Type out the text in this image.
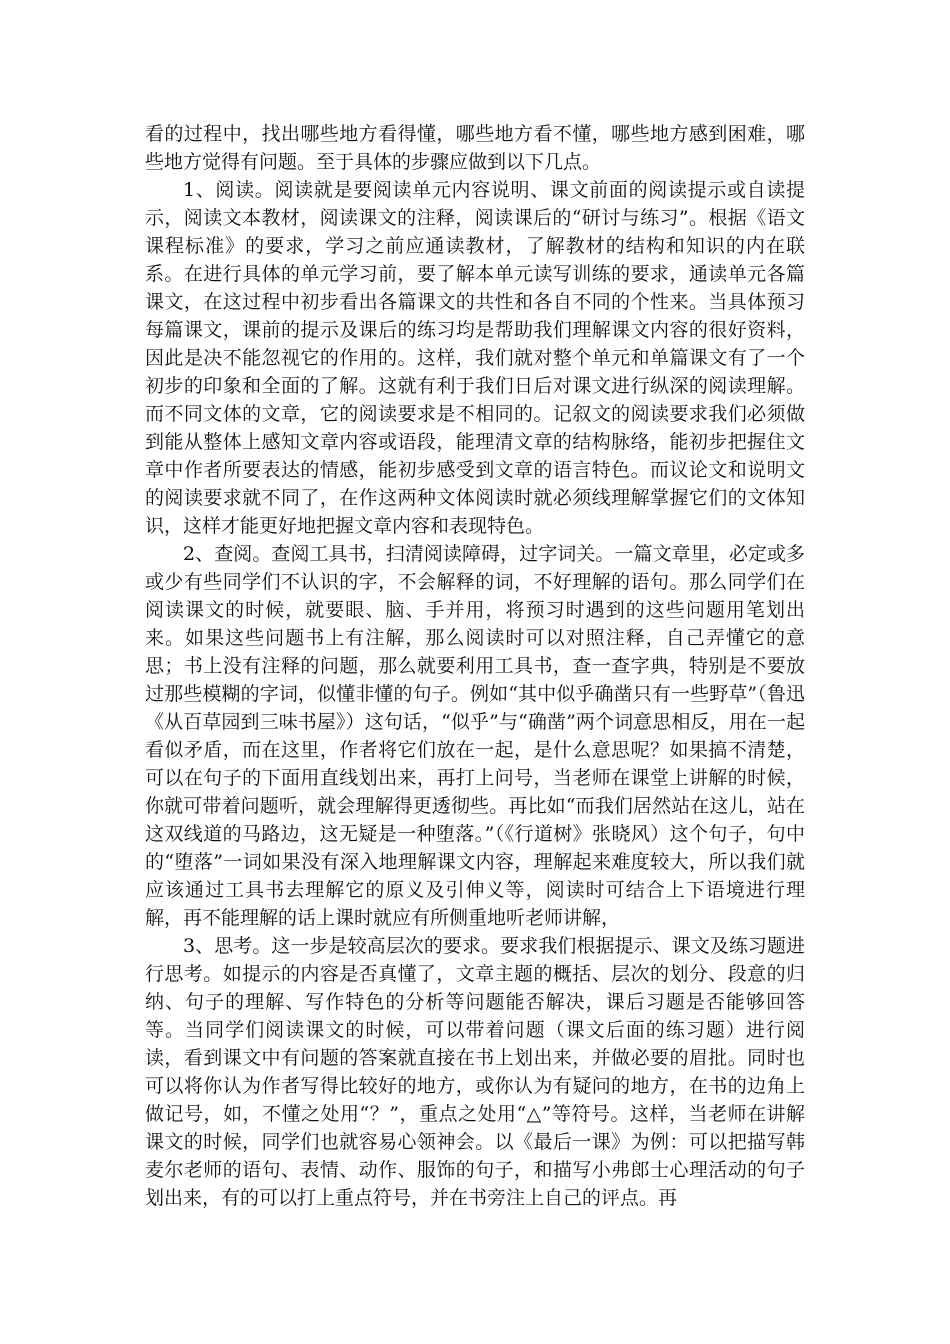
看的过程中，找出哪些地方看得懂，哪些地方看不懂，哪些地方感到困难，哪些地方觉得有问题。至于具体的步骤应做到以下几点。

1、阅读。阅读就是要阅读单元内容说明、课文前面的阅读提示或自读提示，阅读文本教材，阅读课文的注释，阅读课后的“研讨与练习”。根据《语文课程标准》的要求，学习之前应通读教材，了解教材的结构和知识的内在联系。在进行具体的单元学习前，要了解本单元读写训练的要求，通读单元各篇课文，在这过程中初步看出各篇课文的共性和各自不同的个性来。当具体预习每篇课文，课前的提示及课后的练习均是帮助我们理解课文内容的很好资料，因此是决不能忽视它的作用的。这样，我们就对整个单元和单篇课文有了一个初步的印象和全面的了解。这就有利于我们日后对课文进行纵深的阅读理解。而不同文体的文章，它的阅读要求是不相同的。记叙文的阅读要求我们必须做到能从整体上感知文章内容或语段，能理清文章的结构脉络，能初步把握住文章中作者所要表达的情感，能初步感受到文章的语言特色。而议论文和说明文的阅读要求就不同了，在作这两种文体阅读时就必须线理解掌握它们的文体知识，这样才能更好地把握文章内容和表现特色。

2、查阅。查阅工具书，扫清阅读障碍，过字词关。一篇文章里，必定或多或少有些同学们不认识的字，不会解释的词，不好理解的语句。那么同学们在阅读课文的时候，就要眼、脑、手并用，将预习时遇到的这些问题用笔划出来。如果这些问题书上有注解，那么阅读时可以对照注释，自己弄懂它的意思；书上没有注释的问题，那么就要利用工具书，查一查字典，特别是不要放过那些模糊的字词，似懂非懂的句子。例如“其中似乎确凿只有一些野草”（鲁迅《从百草园到三味书屋》）这句话，“似乎”与“确凿”两个词意思相反，用在一起看似矛盾，而在这里，作者将它们放在一起，是什么意思呢？如果搞不清楚，可以在句子的下面用直线划出来，再打上问号，当老师在课堂上讲解的时候，你就可带着问题听，就会理解得更透彻些。再比如“而我们居然站在这儿，站在这双线道的马路边，这无疑是一种堕落。”（《行道树》张晓风）这个句子，句中的“堕落”一词如果没有深入地理解课文内容，理解起来难度较大，所以我们就应该通过工具书去理解它的原义及引伸义等，阅读时可结合上下语境进行理解，再不能理解的话上课时就应有所侧重地听老师讲解，

3、思考。这一步是较高层次的要求。要求我们根据提示、课文及练习题进行思考。如提示的内容是否真懂了，文章主题的概括、层次的划分、段意的归纳、句子的理解、写作特色的分析等问题能否解决，课后习题是否能够回答等。当同学们阅读课文的时候，可以带着问题（课文后面的练习题）进行阅读，看到课文中有问题的答案就直接在书上划出来，并做必要的眉批。同时也可以将你认为作者写得比较好的地方，或你认为有疑问的地方，在书的边角上做记号，如，不懂之处用“？”，重点之处用“△”等符号。这样，当老师在讲解课文的时候，同学们也就容易心领神会。以《最后一课》为例：可以把描写韩麦尔老师的语句、表情、动作、服饰的句子，和描写小弗郎士心理活动的句子划出来，有的可以打上重点符号，并在书旁注上自己的评点。再
